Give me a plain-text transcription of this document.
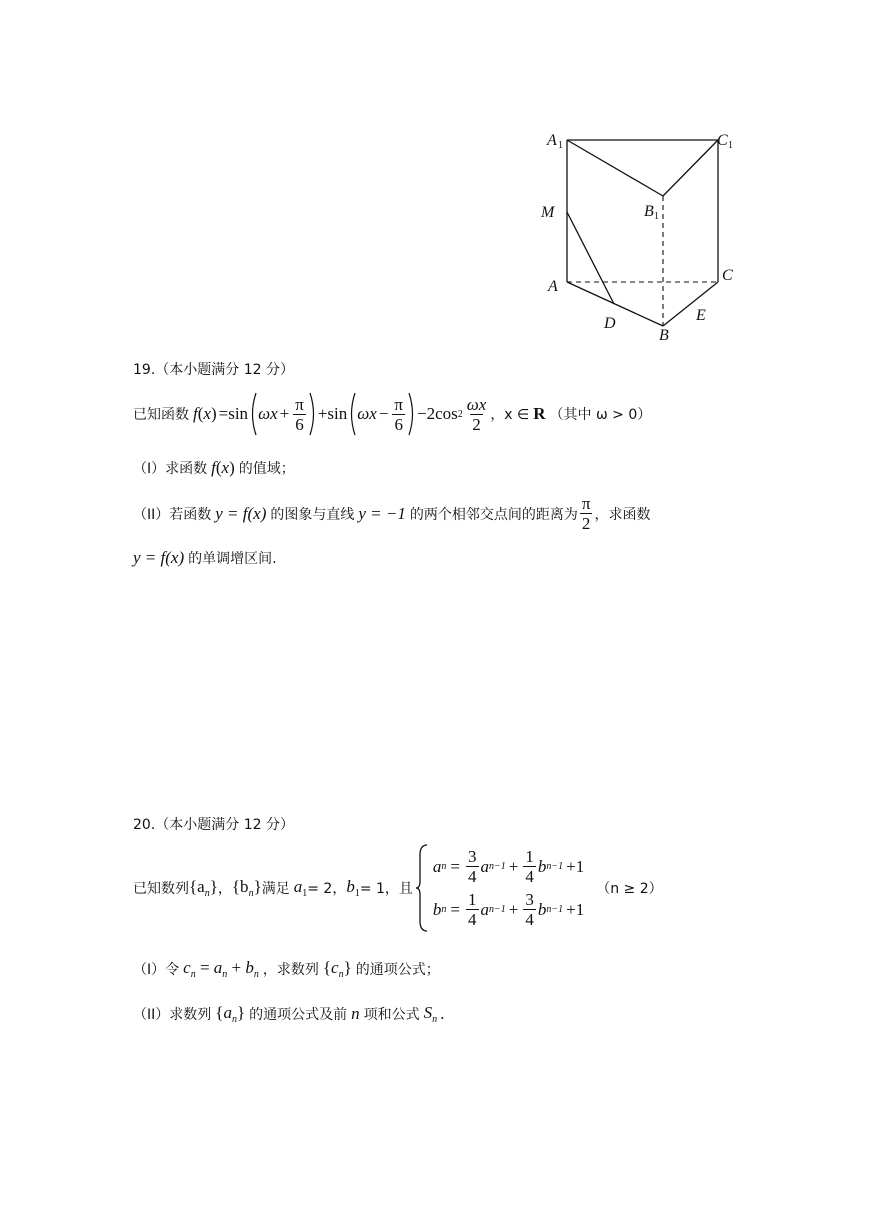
A 1	C 1
B 1
M
A
C
D
B
E
19.（本小题满分 12 分）
已知函数 f ( x ) =sin $\omega x + \frac{\pi}{6} +\sin$ $\omega x - \frac{\pi}{6} -2\cos$ $2 \frac{\omega x}{2}$ ，x ∈ R （其中 ω > 0）
（I）求函数 f(x) 的值域；
（II）若函数 y = f(x) 的图象与直线 y = −1 的两个相邻交点间的距离为 $\frac{\pi}{2}$ ，求函数
y = f(x) 的单调增区间.
20.（本小题满分 12 分）
已知数列 $\{a_n\}$ ， $\{b_n\}$ 满足 $a_1 = 2$， $b_1 = 1$，且
a $n = \frac{3}{4}$ a $n-1 + \frac{1}{4}$ b n−1 +1
b $n = \frac{1}{4}$ a $n-1 + \frac{3}{4}$ b n−1 +1
（n ≥ 2）
（I）令 $c_n = a_n + b_n$ ，求数列 $\{c_n\}$ 的通项公式；
（II）求数列 $\{a_n\}$ 的通项公式及前 n 项和公式 $S_n$ .
